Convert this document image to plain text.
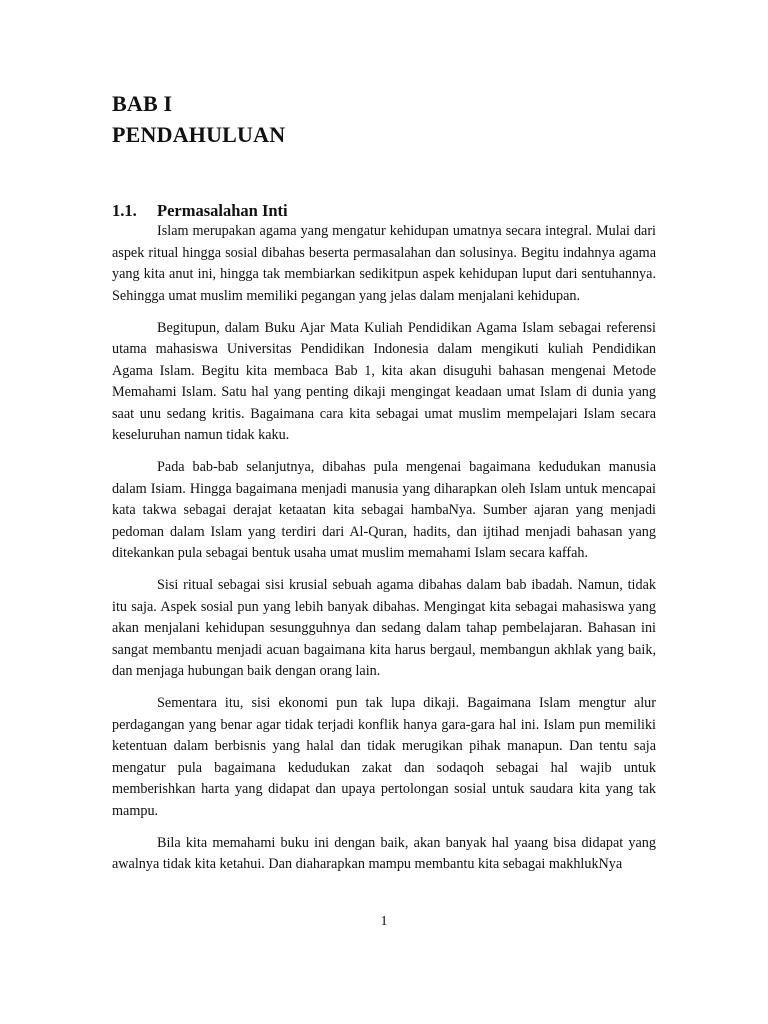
BAB I
PENDAHULUAN
1.1. Permasalahan Inti

Islam merupakan agama yang mengatur kehidupan umatnya secara integral. Mulai dari aspek ritual hingga sosial dibahas beserta permasalahan dan solusinya. Begitu indahnya agama yang kita anut ini, hingga tak membiarkan sedikitpun aspek kehidupan luput dari sentuhannya. Sehingga umat muslim memiliki pegangan yang jelas dalam menjalani kehidupan.

Begitupun, dalam Buku Ajar Mata Kuliah Pendidikan Agama Islam sebagai referensi utama mahasiswa Universitas Pendidikan Indonesia dalam mengikuti kuliah Pendidikan Agama Islam. Begitu kita membaca Bab 1, kita akan disuguhi bahasan mengenai Metode Memahami Islam. Satu hal yang penting dikaji mengingat keadaan umat Islam di dunia yang saat unu sedang kritis. Bagaimana cara kita sebagai umat muslim mempelajari Islam secara keseluruhan namun tidak kaku.

Pada bab-bab selanjutnya, dibahas pula mengenai bagaimana kedudukan manusia dalam Isiam. Hingga bagaimana menjadi manusia yang diharapkan oleh Islam untuk mencapai kata takwa sebagai derajat ketaatan kita sebagai hambaNya. Sumber ajaran yang menjadi pedoman dalam Islam yang terdiri dari Al-Quran, hadits, dan ijtihad menjadi bahasan yang ditekankan pula sebagai bentuk usaha umat muslim memahami Islam secara kaffah.

Sisi ritual sebagai sisi krusial sebuah agama dibahas dalam bab ibadah. Namun, tidak itu saja. Aspek sosial pun yang lebih banyak dibahas. Mengingat kita sebagai mahasiswa yang akan menjalani kehidupan sesungguhnya dan sedang dalam tahap pembelajaran. Bahasan ini sangat membantu menjadi acuan bagaimana kita harus bergaul, membangun akhlak yang baik, dan menjaga hubungan baik dengan orang lain.

Sementara itu, sisi ekonomi pun tak lupa dikaji. Bagaimana Islam mengtur alur perdagangan yang benar agar tidak terjadi konflik hanya gara-gara hal ini. Islam pun memiliki ketentuan dalam berbisnis yang halal dan tidak merugikan pihak manapun. Dan tentu saja mengatur pula bagaimana kedudukan zakat dan sodaqoh sebagai hal wajib untuk memberishkan harta yang didapat dan upaya pertolongan sosial untuk saudara kita yang tak mampu.

Bila kita memahami buku ini dengan baik, akan banyak hal yaang bisa didapat yang awalnya tidak kita ketahui. Dan diaharapkan mampu membantu kita sebagai makhlukNya

1
